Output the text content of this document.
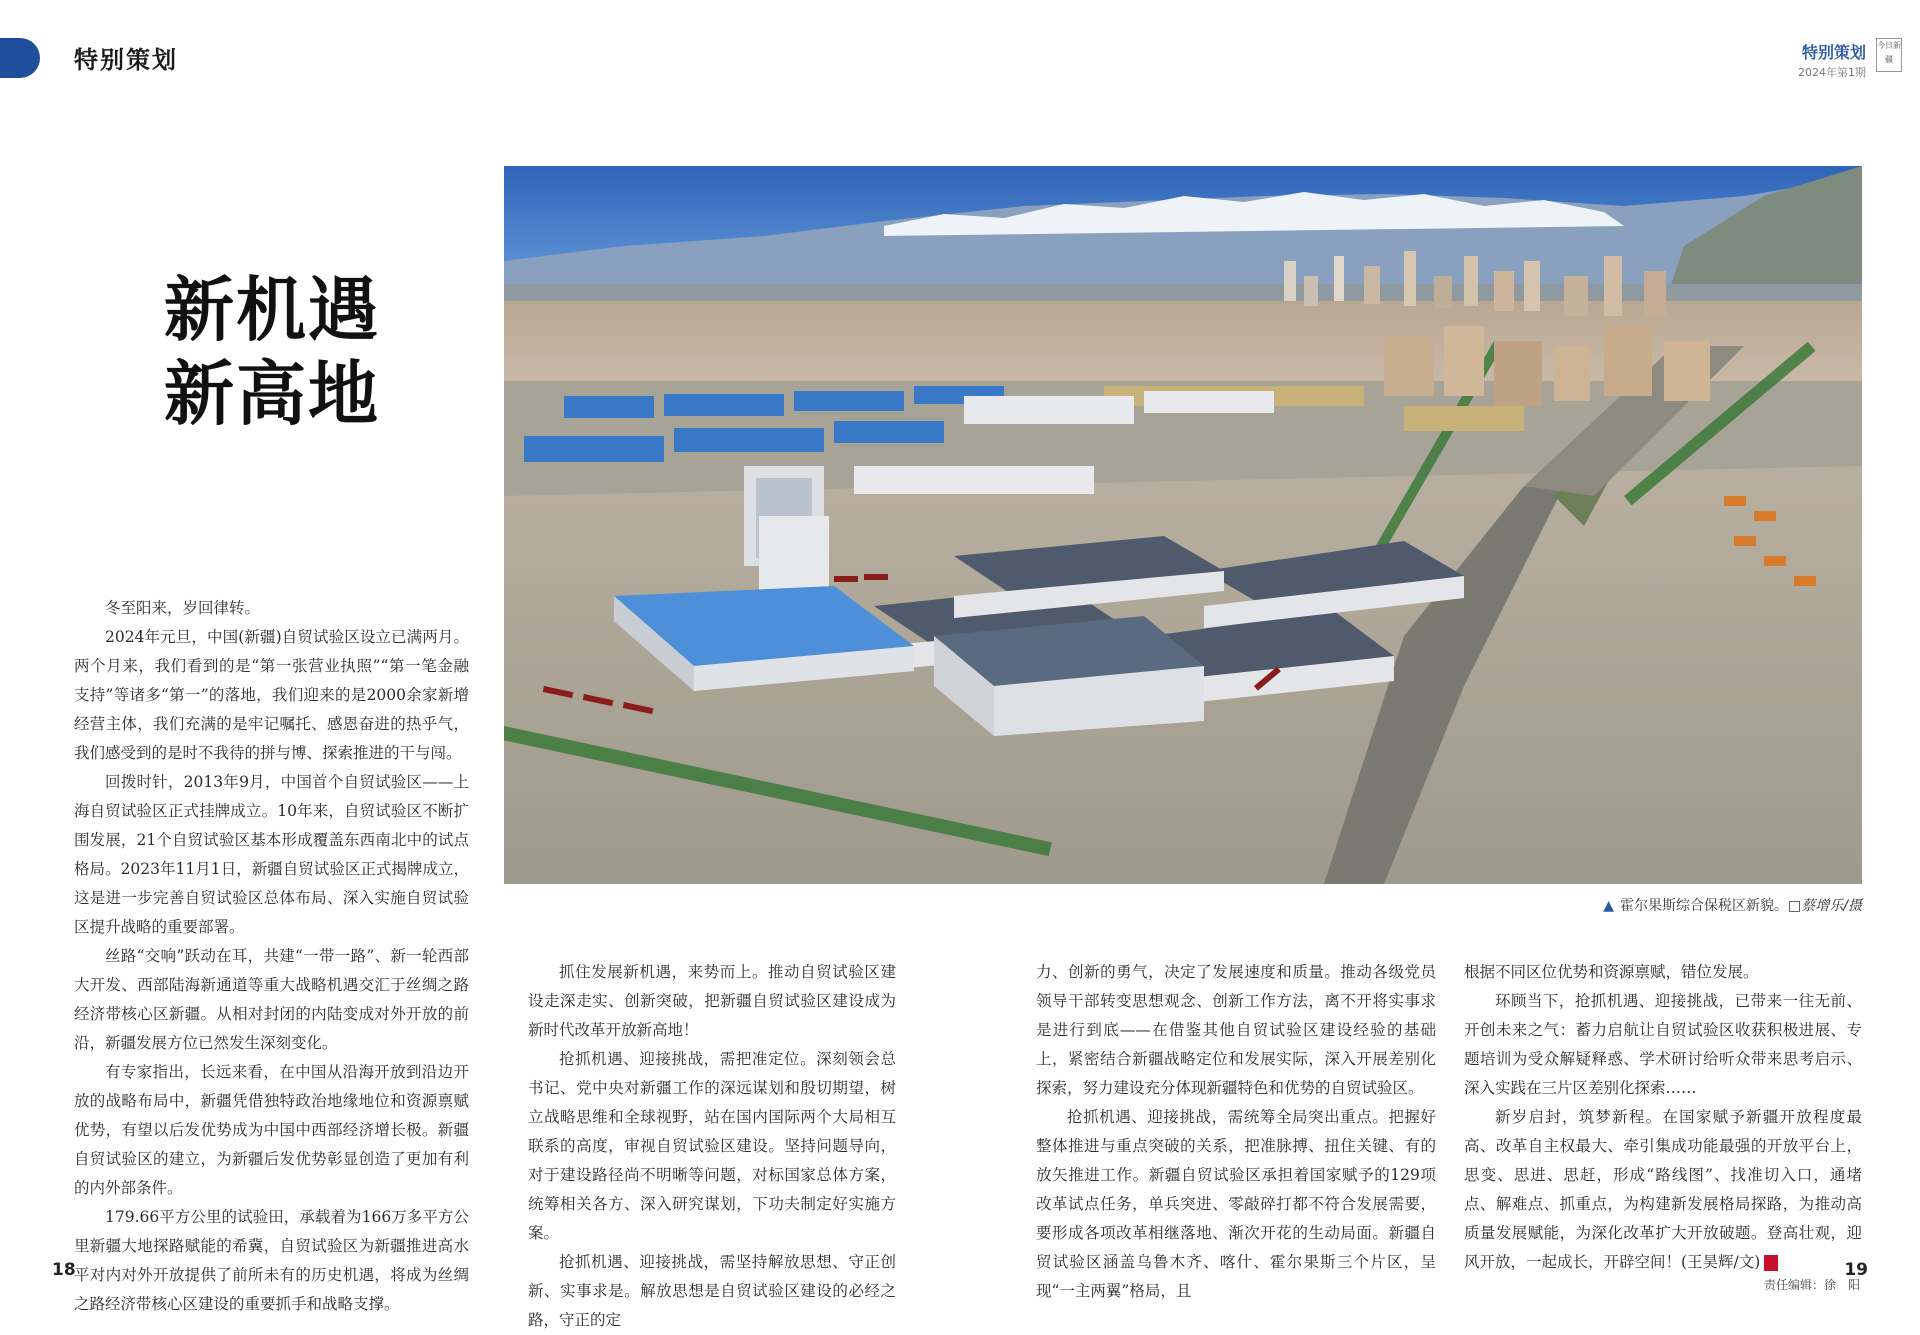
特别策划	特别策划
2024年第1期
今日新疆
新机遇
新高地
▲ 霍尔果斯综合保税区新貌。□蔡增乐/摄

冬至阳来，岁回律转。

2024年元旦，中国(新疆)自贸试验区设立已满两月。两个月来，我们看到的是“第一张营业执照”“第一笔金融支持”等诸多“第一”的落地，我们迎来的是2000余家新增经营主体，我们充满的是牢记嘱托、感恩奋进的热乎气，我们感受到的是时不我待的拼与博、探索推进的干与闯。

回拨时针，2013年9月，中国首个自贸试验区——上海自贸试验区正式挂牌成立。10年来，自贸试验区不断扩围发展，21个自贸试验区基本形成覆盖东西南北中的试点格局。2023年11月1日，新疆自贸试验区正式揭牌成立，这是进一步完善自贸试验区总体布局、深入实施自贸试验区提升战略的重要部署。

丝路“交响”跃动在耳，共建“一带一路”、新一轮西部大开发、西部陆海新通道等重大战略机遇交汇于丝绸之路经济带核心区新疆。从相对封闭的内陆变成对外开放的前沿，新疆发展方位已然发生深刻变化。

有专家指出，长远来看，在中国从沿海开放到沿边开放的战略布局中，新疆凭借独特政治地缘地位和资源禀赋优势，有望以后发优势成为中国中西部经济增长极。新疆自贸试验区的建立，为新疆后发优势彰显创造了更加有利的内外部条件。

179.66平方公里的试验田，承载着为166万多平方公里新疆大地探路赋能的希冀，自贸试验区为新疆推进高水平对内对外开放提供了前所未有的历史机遇，将成为丝绸之路经济带核心区建设的重要抓手和战略支撑。

抓住发展新机遇，来势而上。推动自贸试验区建设走深走实、创新突破，把新疆自贸试验区建设成为新时代改革开放新高地！

抢抓机遇、迎接挑战，需把准定位。深刻领会总书记、党中央对新疆工作的深远谋划和殷切期望，树立战略思维和全球视野，站在国内国际两个大局相互联系的高度，审视自贸试验区建设。坚持问题导向，对于建设路径尚不明晰等问题，对标国家总体方案，统筹相关各方、深入研究谋划，下功夫制定好实施方案。

抢抓机遇、迎接挑战，需坚持解放思想、守正创新、实事求是。解放思想是自贸试验区建设的必经之路，守正的定

力、创新的勇气，决定了发展速度和质量。推动各级党员领导干部转变思想观念、创新工作方法，离不开将实事求是进行到底——在借鉴其他自贸试验区建设经验的基础上，紧密结合新疆战略定位和发展实际，深入开展差别化探索，努力建设充分体现新疆特色和优势的自贸试验区。

抢抓机遇、迎接挑战，需统筹全局突出重点。把握好整体推进与重点突破的关系，把准脉搏、扭住关键、有的放矢推进工作。新疆自贸试验区承担着国家赋予的129项改革试点任务，单兵突进、零敲碎打都不符合发展需要，要形成各项改革相继落地、渐次开花的生动局面。新疆自贸试验区涵盖乌鲁木齐、喀什、霍尔果斯三个片区，呈现“一主两翼”格局，且

根据不同区位优势和资源禀赋，错位发展。

环顾当下，抢抓机遇、迎接挑战，已带来一往无前、开创未来之气：蓄力启航让自贸试验区收获积极进展、专题培训为受众解疑释惑、学术研讨给听众带来思考启示、深入实践在三片区差别化探索……

新岁启封，筑梦新程。在国家赋予新疆开放程度最高、改革自主权最大、牵引集成功能最强的开放平台上，思变、思进、思赶，形成“路线图”、找准切入口，通堵点、解难点、抓重点，为构建新发展格局探路，为推动高质量发展赋能，为深化改革扩大开放破题。登高壮观，迎风开放，一起成长，开辟空间！(王昊辉/文)

责任编辑：徐　阳
18	19
